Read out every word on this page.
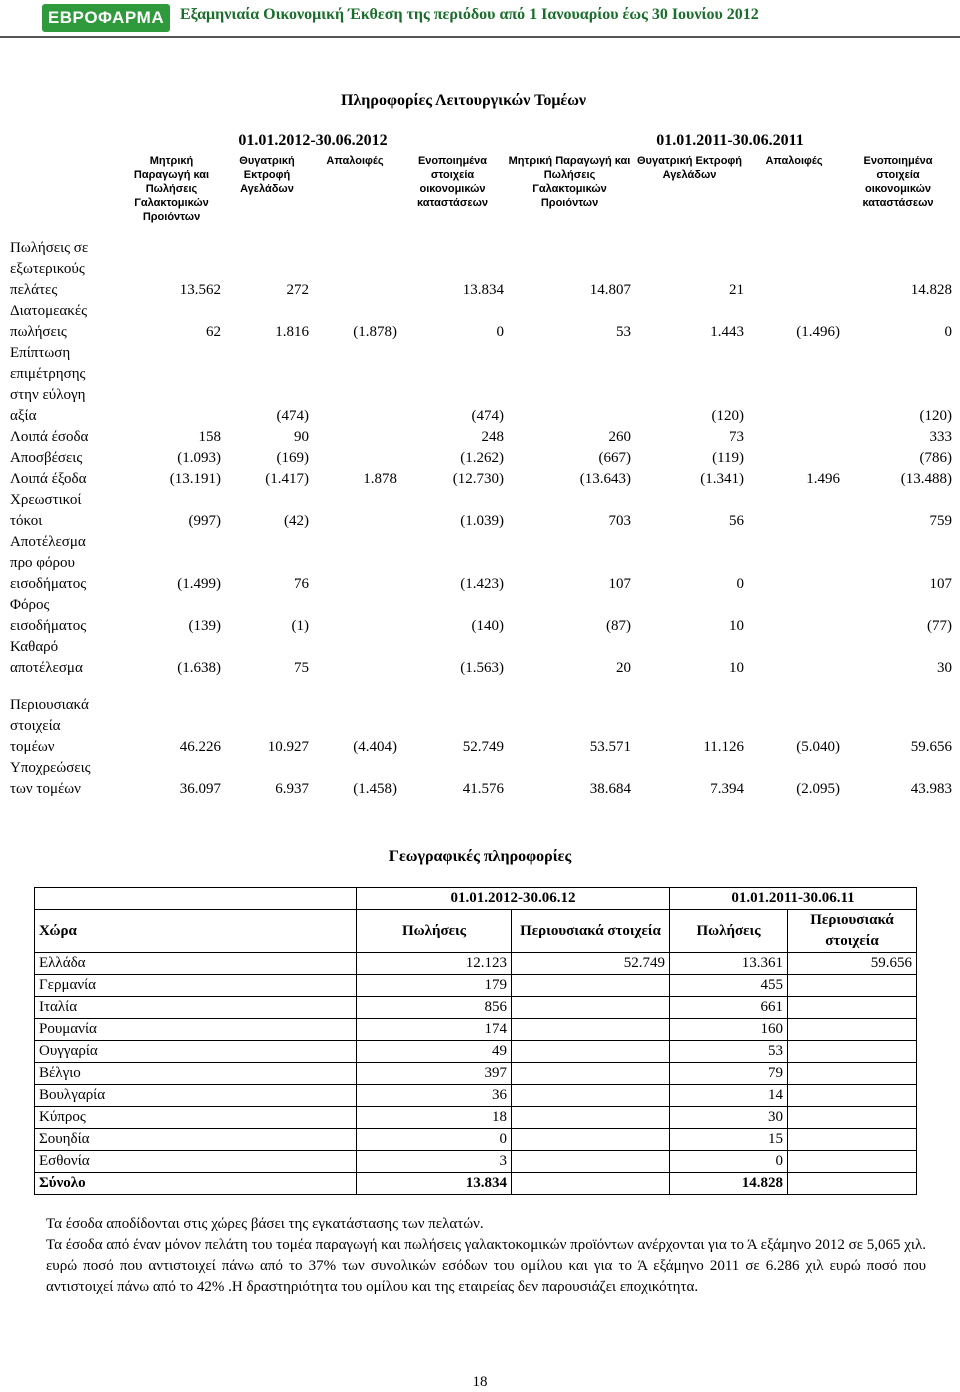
ΕΒΡΟΦΑΡΜΑ Εξαμηνιαία Οικονομική Έκθεση της περιόδου από 1 Ιανουαρίου έως 30 Ιουνίου 2012
Πληροφορίες Λειτουργικών Τομέων
	01.01.2012-30.06.2012				01.01.2011-30.06.2011			
	Μητρική Παραγωγή και Πωλήσεις Γαλακτομικών Προιόντων	Θυγατρική Εκτροφή Αγελάδων	Απαλοιφές	Ενοποιημένα στοιχεία οικονομικών καταστάσεων	Μητρική Παραγωγή και Πωλήσεις Γαλακτομικών Προιόντων	Θυγατρική Εκτροφή Αγελάδων	Απαλοιφές	Ενοποιημένα στοιχεία οικονομικών καταστάσεων

Πωλήσεις σε
εξωτερικούς
πελάτες	13.562	272		13.834	14.807	21		14.828

Διατομεακές
πωλήσεις	62	1.816	(1.878)	0	53	1.443	(1.496)	0

Επίπτωση
επιμέτρησης
στην εύλογη
αξία		(474)		(474)		(120)		(120)

Λοιπά έσοδα	158	90		248	260	73		333

Αποσβέσεις	(1.093)	(169)		(1.262)	(667)	(119)		(786)

Λοιπά έξοδα	(13.191)	(1.417)	1.878	(12.730)	(13.643)	(1.341)	1.496	(13.488)

Χρεωστικοί
τόκοι	(997)	(42)		(1.039)	703	56		759

Αποτέλεσμα
προ φόρου
εισοδήματος	(1.499)	76		(1.423)	107	0		107

Φόρος
εισοδήματος	(139)	(1)		(140)	(87)	10		(77)

Καθαρό
αποτέλεσμα	(1.638)	75		(1.563)	20	10		30

Περιουσιακά
στοιχεία
τομέων	46.226	10.927	(4.404)	52.749	53.571	11.126	(5.040)	59.656

Υποχρεώσεις
των τομέων	36.097	6.937	(1.458)	41.576	38.684	7.394	(2.095)	43.983
Γεωγραφικές πληροφορίες
	01.01.2012-30.06.12		01.01.2011-30.06.11	
Χώρα	Πωλήσεις	Περιουσιακά στοιχεία	Πωλήσεις	Περιουσιακά στοιχεία
Ελλάδα	12.123	52.749	13.361	59.656
Γερμανία	179		455	
Ιταλία	856		661	
Ρουμανία	174		160	
Ουγγαρία	49		53	
Βέλγιο	397		79	
Βουλγαρία	36		14	
Κύπρος	18		30	
Σουηδία	0		15	
Εσθονία	3		0	
Σύνολο	13.834		14.828	

Τα έσοδα αποδίδονται στις χώρες βάσει της εγκατάστασης των πελατών.

Τα έσοδα από έναν μόνον πελάτη του τομέα παραγωγή και πωλήσεις γαλακτοκομικών προϊόντων ανέρχονται για το Ά εξάμηνο 2012 σε 5,065 χιλ. ευρώ ποσό που αντιστοιχεί πάνω από το 37% των συνολικών εσόδων του ομίλου και για το Ά εξάμηνο 2011 σε 6.286 χιλ ευρώ ποσό που αντιστοιχεί πάνω από το 42% .Η δραστηριότητα του ομίλου και της εταιρείας δεν παρουσιάζει εποχικότητα.

18
